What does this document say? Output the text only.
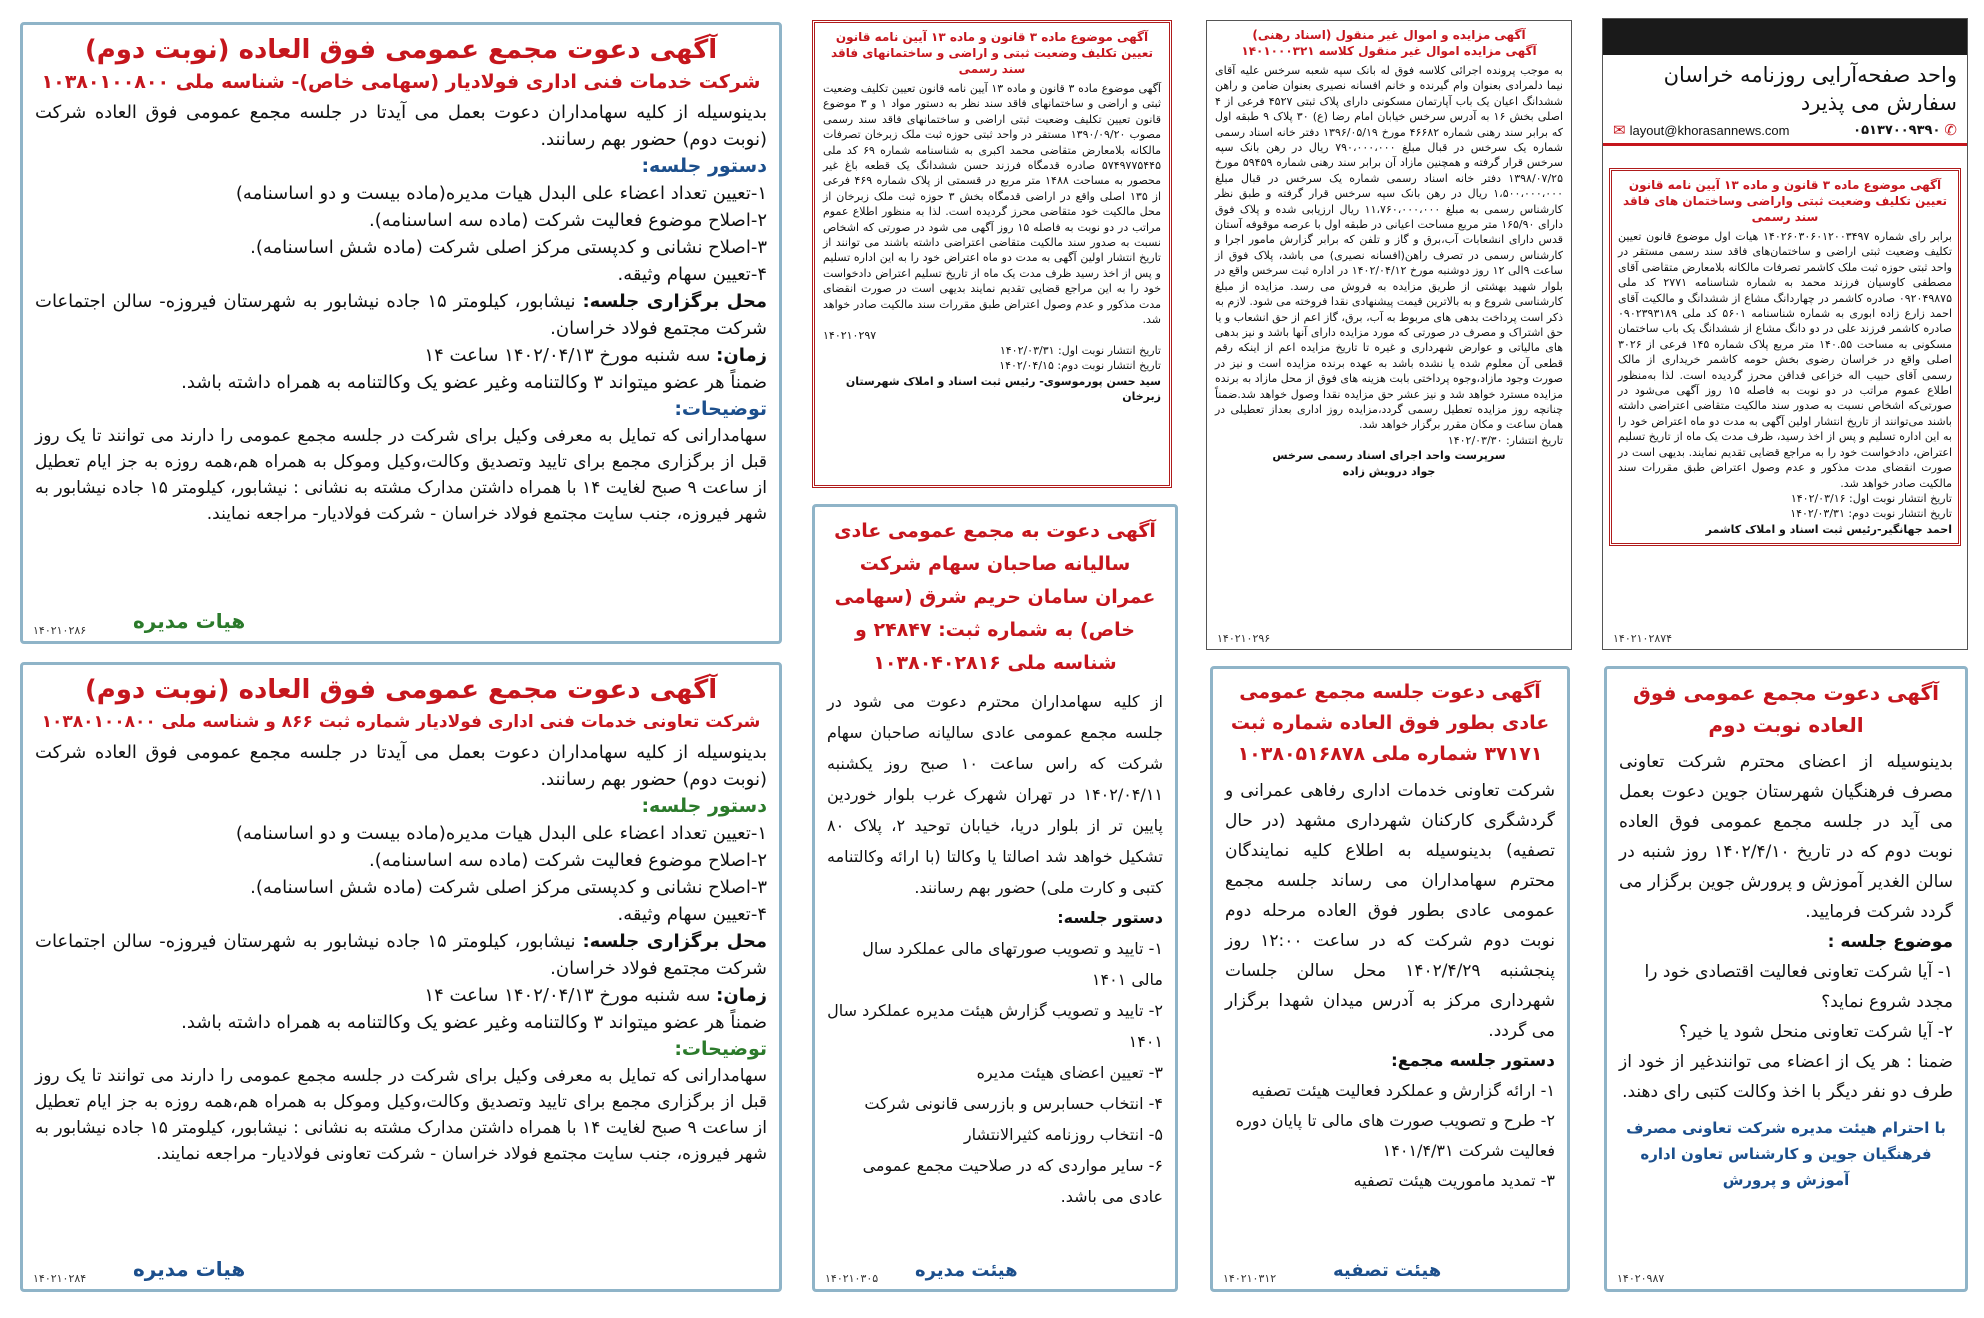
آگهی دعوت مجمع عمومی فوق العاده (نوبت دوم)
شرکت خدمات فنی اداری فولادیار (سهامی خاص)- شناسه ملی ۱۰۳۸۰۱۰۰۸۰۰
بدینوسیله از کلیه سهامداران دعوت بعمل می آیدتا در جلسه مجمع عمومی فوق العاده شرکت (نوبت دوم) حضور بهم رسانند.
دستور جلسه:
۱-تعیین تعداد اعضاء علی البدل هیات مدیره(ماده بیست و دو اساسنامه)
۲-اصلاح موضوع فعالیت شرکت (ماده سه اساسنامه).
۳-اصلاح نشانی و کدپستی مرکز اصلی شرکت (ماده شش اساسنامه).
۴-تعیین سهام وثیقه.
محل برگزاری جلسه: نیشابور، کیلومتر ۱۵ جاده نیشابور به شهرستان فیروزه- سالن اجتماعات شرکت مجتمع فولاد خراسان.
زمان: سه شنبه مورخ ۱۴۰۲/۰۴/۱۳ ساعت ۱۴
ضمناً هر عضو میتواند ۳ وکالتنامه وغیر عضو یک وکالتنامه به همراه داشته باشد.
توضیحات:
سهامدارانی که تمایل به معرفی وکیل برای شرکت در جلسه مجمع عمومی را دارند می توانند تا یک روز قبل از برگزاری مجمع برای تایید وتصدیق وکالت،وکیل وموکل به همراه هم،همه روزه به جز ایام تعطیل از ساعت ۹ صبح لغایت ۱۴ با همراه داشتن مدارک مشته به نشانی : نیشابور، کیلومتر ۱۵ جاده نیشابور به شهر فیروزه، جنب سایت مجتمع فولاد خراسان - شرکت فولادیار- مراجعه نمایند.
هیات مدیره
۱۴۰۲۱۰۲۸۶
آگهی دعوت مجمع عمومی فوق العاده (نوبت دوم)
شرکت تعاونی خدمات فنی اداری فولادیار شماره ثبت ۸۶۶ و شناسه ملی ۱۰۳۸۰۱۰۰۸۰۰
بدینوسیله از کلیه سهامداران دعوت بعمل می آیدتا در جلسه مجمع عمومی فوق العاده شرکت (نوبت دوم) حضور بهم رسانند.
دستور جلسه:
۱-تعیین تعداد اعضاء علی البدل هیات مدیره(ماده بیست و دو اساسنامه)
۲-اصلاح موضوع فعالیت شرکت (ماده سه اساسنامه).
۳-اصلاح نشانی و کدپستی مرکز اصلی شرکت (ماده شش اساسنامه).
۴-تعیین سهام وثیقه.
محل برگزاری جلسه: نیشابور، کیلومتر ۱۵ جاده نیشابور به شهرستان فیروزه- سالن اجتماعات شرکت مجتمع فولاد خراسان.
زمان: سه شنبه مورخ ۱۴۰۲/۰۴/۱۳ ساعت ۱۴
ضمناً هر عضو میتواند ۳ وکالتنامه وغیر عضو یک وکالتنامه به همراه داشته باشد.
توضیحات:
سهامدارانی که تمایل به معرفی وکیل برای شرکت در جلسه مجمع عمومی را دارند می توانند تا یک روز قبل از برگزاری مجمع برای تایید وتصدیق وکالت،وکیل وموکل به همراه هم،همه روزه به جز ایام تعطیل از ساعت ۹ صبح لغایت ۱۴ با همراه داشتن مدارک مشته به نشانی : نیشابور، کیلومتر ۱۵ جاده نیشابور به شهر فیروزه، جنب سایت مجتمع فولاد خراسان - شرکت تعاونی فولادیار- مراجعه نمایند.
هیات مدیره
۱۴۰۲۱۰۲۸۴
آگهی موضوع ماده ۳ قانون و ماده ۱۳ آیین نامه قانون تعیین تکلیف وضعیت ثبتی و اراضی و ساختمانهای فاقد سند رسمی
آگهی موضوع ماده ۳ قانون و ماده ۱۳ آیین نامه قانون تعیین تکلیف وضعیت ثبتی و اراضی و ساختمانهای فاقد سند نظر به دستور مواد ۱ و ۳ موضوع قانون تعیین تکلیف وضعیت ثبتی اراضی و ساختمانهای فاقد سند رسمی مصوب ۱۳۹۰/۰۹/۲۰ مستقر در واحد ثبتی حوزه ثبت ملک زبرخان تصرفات مالکانه بلامعارض متقاضی محمد اکبری به شناسنامه شماره ۶۹ کد ملی ۵۷۴۹۷۷۵۴۴۵ صادره قدمگاه فرزند حسن ششدانگ یک قطعه باغ غیر محصور به مساحت ۱۴۸۸ متر مربع در قسمتی از پلاک شماره ۴۶۹ فرعی از ۱۳۵ اصلی واقع در اراضی قدمگاه بخش ۳ حوزه ثبت ملک زبرخان از محل مالکیت خود متقاضی محرز گردیده است. لذا به منظور اطلاع عموم مراتب در دو نوبت به فاصله ۱۵ روز آگهی می شود در صورتی که اشخاص نسبت به صدور سند مالکیت متقاضی اعتراضی داشته باشند می توانند از تاریخ انتشار اولین آگهی به مدت دو ماه اعتراض خود را به این اداره تسلیم و پس از اخذ رسید ظرف مدت یک ماه از تاریخ تسلیم اعتراض دادخواست خود را به این مراجع قضایی تقدیم نمایند بدیهی است در صورت انقضای مدت مذکور و عدم وصول اعتراض طبق مقررات سند مالکیت صادر خواهد شد.
۱۴۰۲۱۰۲۹۷
تاریخ انتشار نوبت اول: ۱۴۰۲/۰۳/۳۱
تاریخ انتشار نوبت دوم: ۱۴۰۲/۰۴/۱۵
سید حسن پورموسوی- رئیس ثبت اسناد و املاک شهرستان زبرخان
آگهی مزایده و اموال غیر منقول (اسناد رهنی)
آگهی مزایده اموال غیر منقول کلاسه ۱۴۰۱۰۰۰۳۲۱
به موجب پرونده اجرائی کلاسه فوق له بانک سپه شعبه سرخس علیه آقای نیما دلمرادی بعنوان وام گیرنده و خانم افسانه نصیری بعنوان ضامن و راهن ششدانگ اعیان یک باب آپارتمان مسکونی دارای پلاک ثبتی ۴۵۲۷ فرعی از ۴ اصلی بخش ۱۶ به آدرس سرخس خیابان امام رضا (ع) ۳۰ پلاک ۹ طبقه اول که برابر سند رهنی شماره ۴۶۶۸۲ مورخ ۱۳۹۶/۰۵/۱۹ دفتر خانه اسناد رسمی شماره یک سرخس در قبال مبلغ ۷۹۰،۰۰۰،۰۰۰ ریال در رهن بانک سپه سرخس قرار گرفته و همچنین مازاد آن برابر سند رهنی شماره ۵۹۴۵۹ مورخ ۱۳۹۸/۰۷/۲۵ دفتر خانه اسناد رسمی شماره یک سرخس در قبال مبلغ ۱،۵۰۰،۰۰۰،۰۰۰ ریال در رهن بانک سپه سرخس قرار گرفته و طبق نظر کارشناس رسمی به مبلغ ۱۱،۷۶۰،۰۰۰،۰۰۰ ریال ارزیابی شده و پلاک فوق دارای ۱۶۵/۹۰ متر مربع مساحت اعیانی در طبقه اول با عرصه موقوفه آستان قدس دارای انشعابات آب،برق و گاز و تلفن که برابر گزارش مامور اجرا و کارشناس رسمی در تصرف راهن(افسانه نصیری) می باشد، پلاک فوق از ساعت ۹الی ۱۲ روز دوشنبه مورخ ۱۴۰۲/۰۴/۱۲ در اداره ثبت سرخس واقع در بلوار شهید بهشتی از طریق مزایده به فروش می رسد. مزایده از مبلغ کارشناسی شروع و به بالاترین قیمت پیشنهادی نقدا فروخته می شود. لازم به ذکر است پرداخت بدهی های مربوط به آب، برق، گاز اعم از حق انشعاب و یا حق اشتراک و مصرف در صورتی که مورد مزایده دارای آنها باشد و نیز بدهی های مالیاتی و عوارض شهرداری و غیره تا تاریخ مزایده اعم از اینکه رقم قطعی آن معلوم شده یا نشده باشد به عهده برنده مزایده است و نیز در صورت وجود مازاد،وجوه پرداختی بابت هزینه های فوق از محل مازاد به برنده مزایده مسترد خواهد شد و نیز عشر حق مزایده نقدا وصول خواهد شد.ضمناً چنانچه روز مزایده تعطیل رسمی گردد،مزایده روز اداری بعداز تعطیلی در همان ساعت و مکان مقرر برگزار خواهد شد.
تاریخ انتشار: ۱۴۰۲/۰۳/۳۰
سرپرست واحد اجرای اسناد رسمی سرخس
جواد درویش زاده
۱۴۰۲۱۰۲۹۶
واحد صفحه‌آرایی روزنامه خراسان
سفارش می پذیرد
✆
۰۵۱۳۷۰۰۹۳۹۰
✉ layout@khorasannews.com
آگهی موضوع ماده ۳ قانون و ماده ۱۳ آیین نامه قانون تعیین تکلیف وضعیت ثبتی واراضی وساختمان های فاقد سند رسمی
برابر رای شماره ۱۴۰۲۶۰۳۰۶۰۱۲۰۰۳۴۹۷ هیات اول موضوع قانون تعیین تکلیف وضعیت ثبتی اراضی و ساختمان‌های فاقد سند رسمی مستقر در واحد ثبتی حوزه ثبت ملک کاشمر تصرفات مالکانه بلامعارض متقاضی آقای مصطفی کاوسیان فرزند محمد به شماره شناسنامه ۲۷۷۱ کد ملی ۰۹۲۰۴۹۸۷۵ صادره کاشمر در چهاردانگ مشاع از ششدانگ و مالکیت آقای احمد زارع زاده ابوری به شماره شناسنامه ۵۶۰۱ کد ملی ۰۹۰۲۳۹۳۱۸۹ صادره کاشمر فرزند علی در دو دانگ مشاع از ششدانگ یک باب ساختمان مسکونی به مساحت ۱۴۰.۵۵ متر مربع پلاک شماره ۱۴۵ فرعی از ۳۰۲۶ اصلی واقع در خراسان رضوی بخش حومه کاشمر خریداری از مالک رسمی آقای حبیب اله خزاعی فدافن محرز گردیده است. لذا به‌منظور اطلاع عموم مراتب در دو نوبت به فاصله ۱۵ روز آگهی می‌شود در صورتی‌که اشخاص نسبت به صدور سند مالکیت متقاضی اعتراضی داشته باشند می‌توانند از تاریخ انتشار اولین آگهی به مدت دو ماه اعتراض خود را به این اداره تسلیم و پس از اخذ رسید، ظرف مدت یک ماه از تاریخ تسلیم اعتراض، دادخواست خود را به مراجع قضایی تقدیم نمایند. بدیهی است در صورت انقضای مدت مذکور و عدم وصول اعتراض طبق مقررات سند مالکیت صادر خواهد شد.
تاریخ انتشار نوبت اول: ۱۴۰۲/۰۳/۱۶
تاریخ انتشار نوبت دوم: ۱۴۰۲/۰۳/۳۱
احمد جهانگیر-رئیس ثبت اسناد و املاک کاشمر
۱۴۰۲۱۰۲۸۷۴
آگهی دعوت به مجمع عمومی عادی سالیانه صاحبان سهام شرکت عمران سامان حریم شرق (سهامی خاص) به شماره ثبت: ۲۴۸۴۷ و شناسه ملی ۱۰۳۸۰۴۰۲۸۱۶
از کلیه سهامداران محترم دعوت می شود در جلسه مجمع عمومی عادی سالیانه صاحبان سهام شرکت که راس ساعت ۱۰ صبح روز یکشنبه ۱۴۰۲/۰۴/۱۱ در تهران شهرک غرب بلوار خوردین پایین تر از بلوار دریا، خیابان توحید ۲، پلاک ۸۰ تشکیل خواهد شد اصالتا یا وکالتا (با ارائه وکالتنامه کتبی و کارت ملی) حضور بهم رسانند.
دستور جلسه:
۱- تایید و تصویب صورتهای مالی عملکرد سال مالی ۱۴۰۱
۲- تایید و تصویب گزارش هیئت مدیره عملکرد سال ۱۴۰۱
۳- تعیین اعضای هیئت مدیره
۴- انتخاب حسابرس و بازرسی قانونی شرکت
۵- انتخاب روزنامه کثیرالانتشار
۶- سایر مواردی که در صلاحیت مجمع عمومی عادی می باشد.
هیئت مدیره
۱۴۰۲۱۰۳۰۵
آگهی دعوت جلسه مجمع عمومی عادی بطور فوق العاده شماره ثبت ۳۷۱۷۱ شماره ملی ۱۰۳۸۰۵۱۶۸۷۸
شرکت تعاونی خدمات اداری رفاهی عمرانی و گردشگری کارکنان شهرداری مشهد (در حال تصفیه) بدینوسیله به اطلاع کلیه نمایندگان محترم سهامداران می رساند جلسه مجمع عمومی عادی بطور فوق العاده مرحله دوم نوبت دوم شرکت که در ساعت ۱۲:۰۰ روز پنجشنبه ۱۴۰۲/۴/۲۹ محل سالن جلسات شهرداری مرکز به آدرس میدان شهدا برگزار می گردد.
دستور جلسه مجمع:
۱- ارائه گزارش و عملکرد فعالیت هیئت تصفیه
۲- طرح و تصویب صورت های مالی تا پایان دوره فعالیت شرکت ۱۴۰۱/۴/۳۱
۳- تمدید ماموریت هیئت تصفیه
هیئت تصفیه
۱۴۰۲۱۰۳۱۲
آگهی دعوت مجمع عمومی فوق العاده نوبت دوم
بدینوسیله از اعضای محترم شرکت تعاونی مصرف فرهنگیان شهرستان جوین دعوت بعمل می آید در جلسه مجمع عمومی فوق العاده نوبت دوم که در تاریخ ۱۴۰۲/۴/۱۰ روز شنبه در سالن الغدیر آموزش و پرورش جوین برگزار می گردد شرکت فرمایید.
موضوع جلسه :
۱- آیا شرکت تعاونی فعالیت اقتصادی خود را مجدد شروع نماید؟
۲- آیا شرکت تعاونی منحل شود یا خیر؟
ضمنا : هر یک از اعضاء می توانندغیر از خود از طرف دو نفر دیگر با اخذ وکالت کتبی رای دهند.
با احترام هیئت مدیره شرکت تعاونی مصرف فرهنگیان جوین و کارشناس تعاون اداره آموزش و پرورش
۱۴۰۲۰۹۸۷
